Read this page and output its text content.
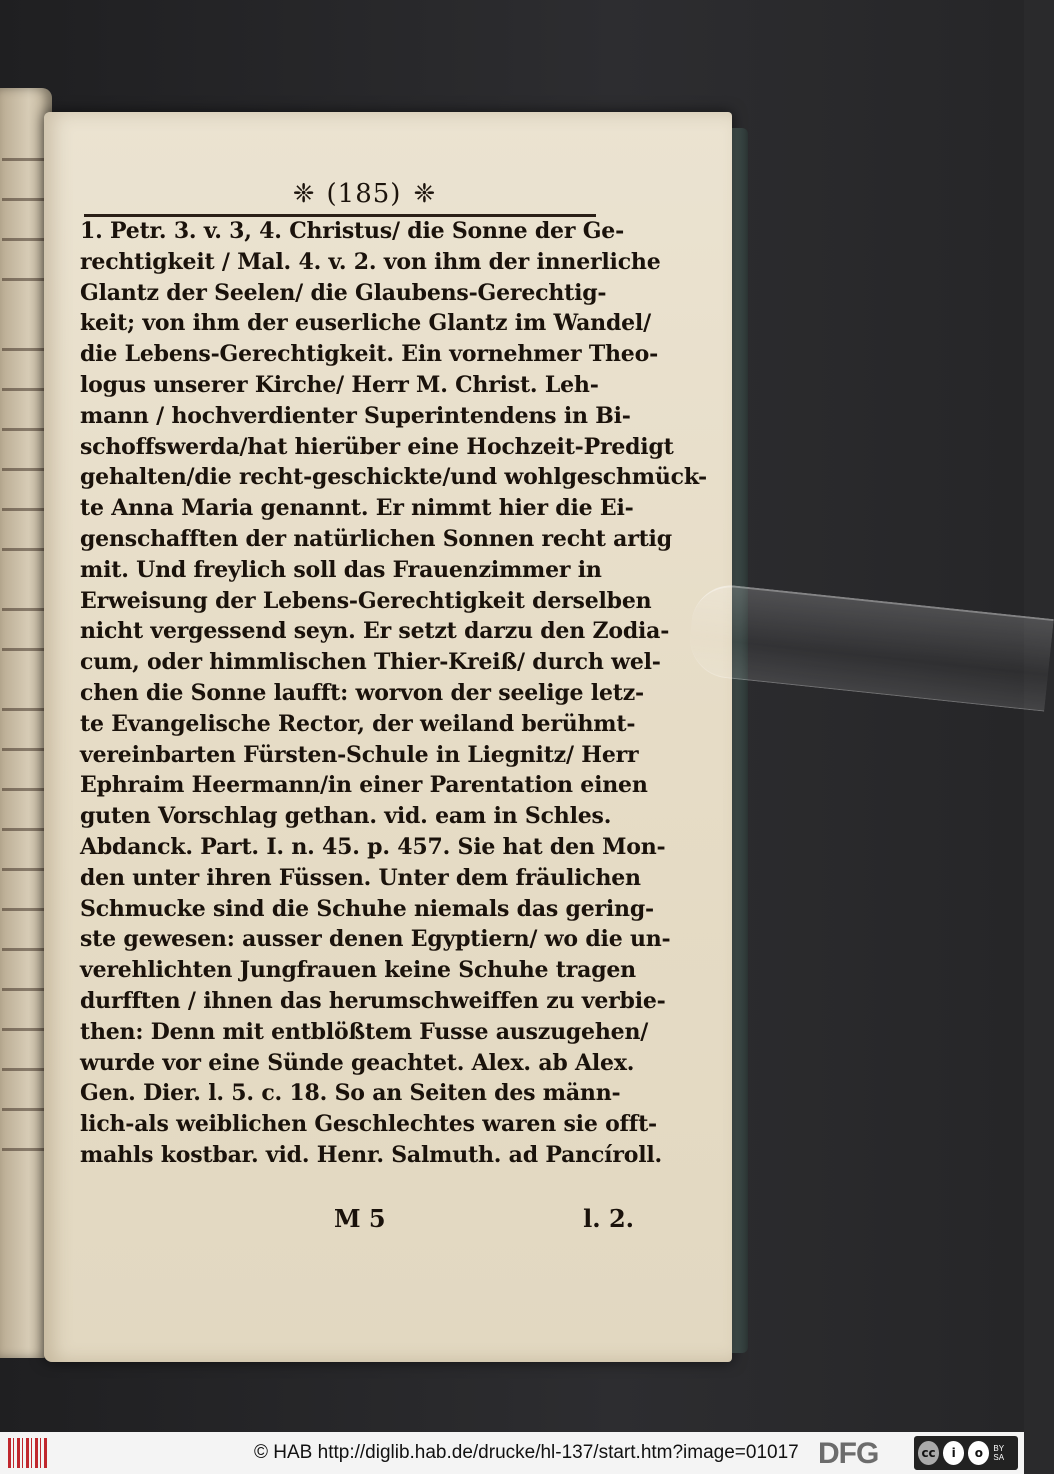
❈ (185) ❈
1. Petr. 3. v. 3, 4. Christus/ die Sonne der Ge-
rechtigkeit / Mal. 4. v. 2. von ihm der innerliche
Glantz der Seelen/ die Glaubens-Gerechtig-
keit; von ihm der euserliche Glantz im Wandel/
die Lebens-Gerechtigkeit. Ein vornehmer Theo-
logus unserer Kirche/ Herr M. Christ. Leh-
mann / hochverdienter Superintendens in Bi-
schoffswerda/hat hierüber eine Hochzeit-Predigt
gehalten/die recht-geschickte/und wohlgeschmück-
te Anna Maria genannt. Er nimmt hier die Ei-
genschafften der natürlichen Sonnen recht artig
mit. Und freylich soll das Frauenzimmer in
Erweisung der Lebens-Gerechtigkeit derselben
nicht vergessend seyn. Er setzt darzu den Zodia-
cum, oder himmlischen Thier-Kreiß/ durch wel-
chen die Sonne laufft: worvon der seelige letz-
te Evangelische Rector, der weiland berühmt-
vereinbarten Fürsten-Schule in Liegnitz/ Herr
Ephraim Heermann/in einer Parentation einen
guten Vorschlag gethan. vid. eam in Schles.
Abdanck. Part. I. n. 45. p. 457. Sie hat den Mon-
den unter ihren Füssen. Unter dem fräulichen
Schmucke sind die Schuhe niemals das gering-
ste gewesen: ausser denen Egyptiern/ wo die un-
verehlichten Jungfrauen keine Schuhe tragen
durfften / ihnen das herumschweiffen zu verbie-
then: Denn mit entblößtem Fusse auszugehen/
wurde vor eine Sünde geachtet. Alex. ab Alex.
Gen. Dier. l. 5. c. 18. So an Seiten des männ-
lich-als weiblichen Geschlechtes waren sie offt-
mahls kostbar. vid. Henr. Salmuth. ad Pancíroll.
M 5	l. 2.
© HAB http://diglib.hab.de/drucke/hl-137/start.htm?image=01017 DFG	cc	i	o	BY SA
